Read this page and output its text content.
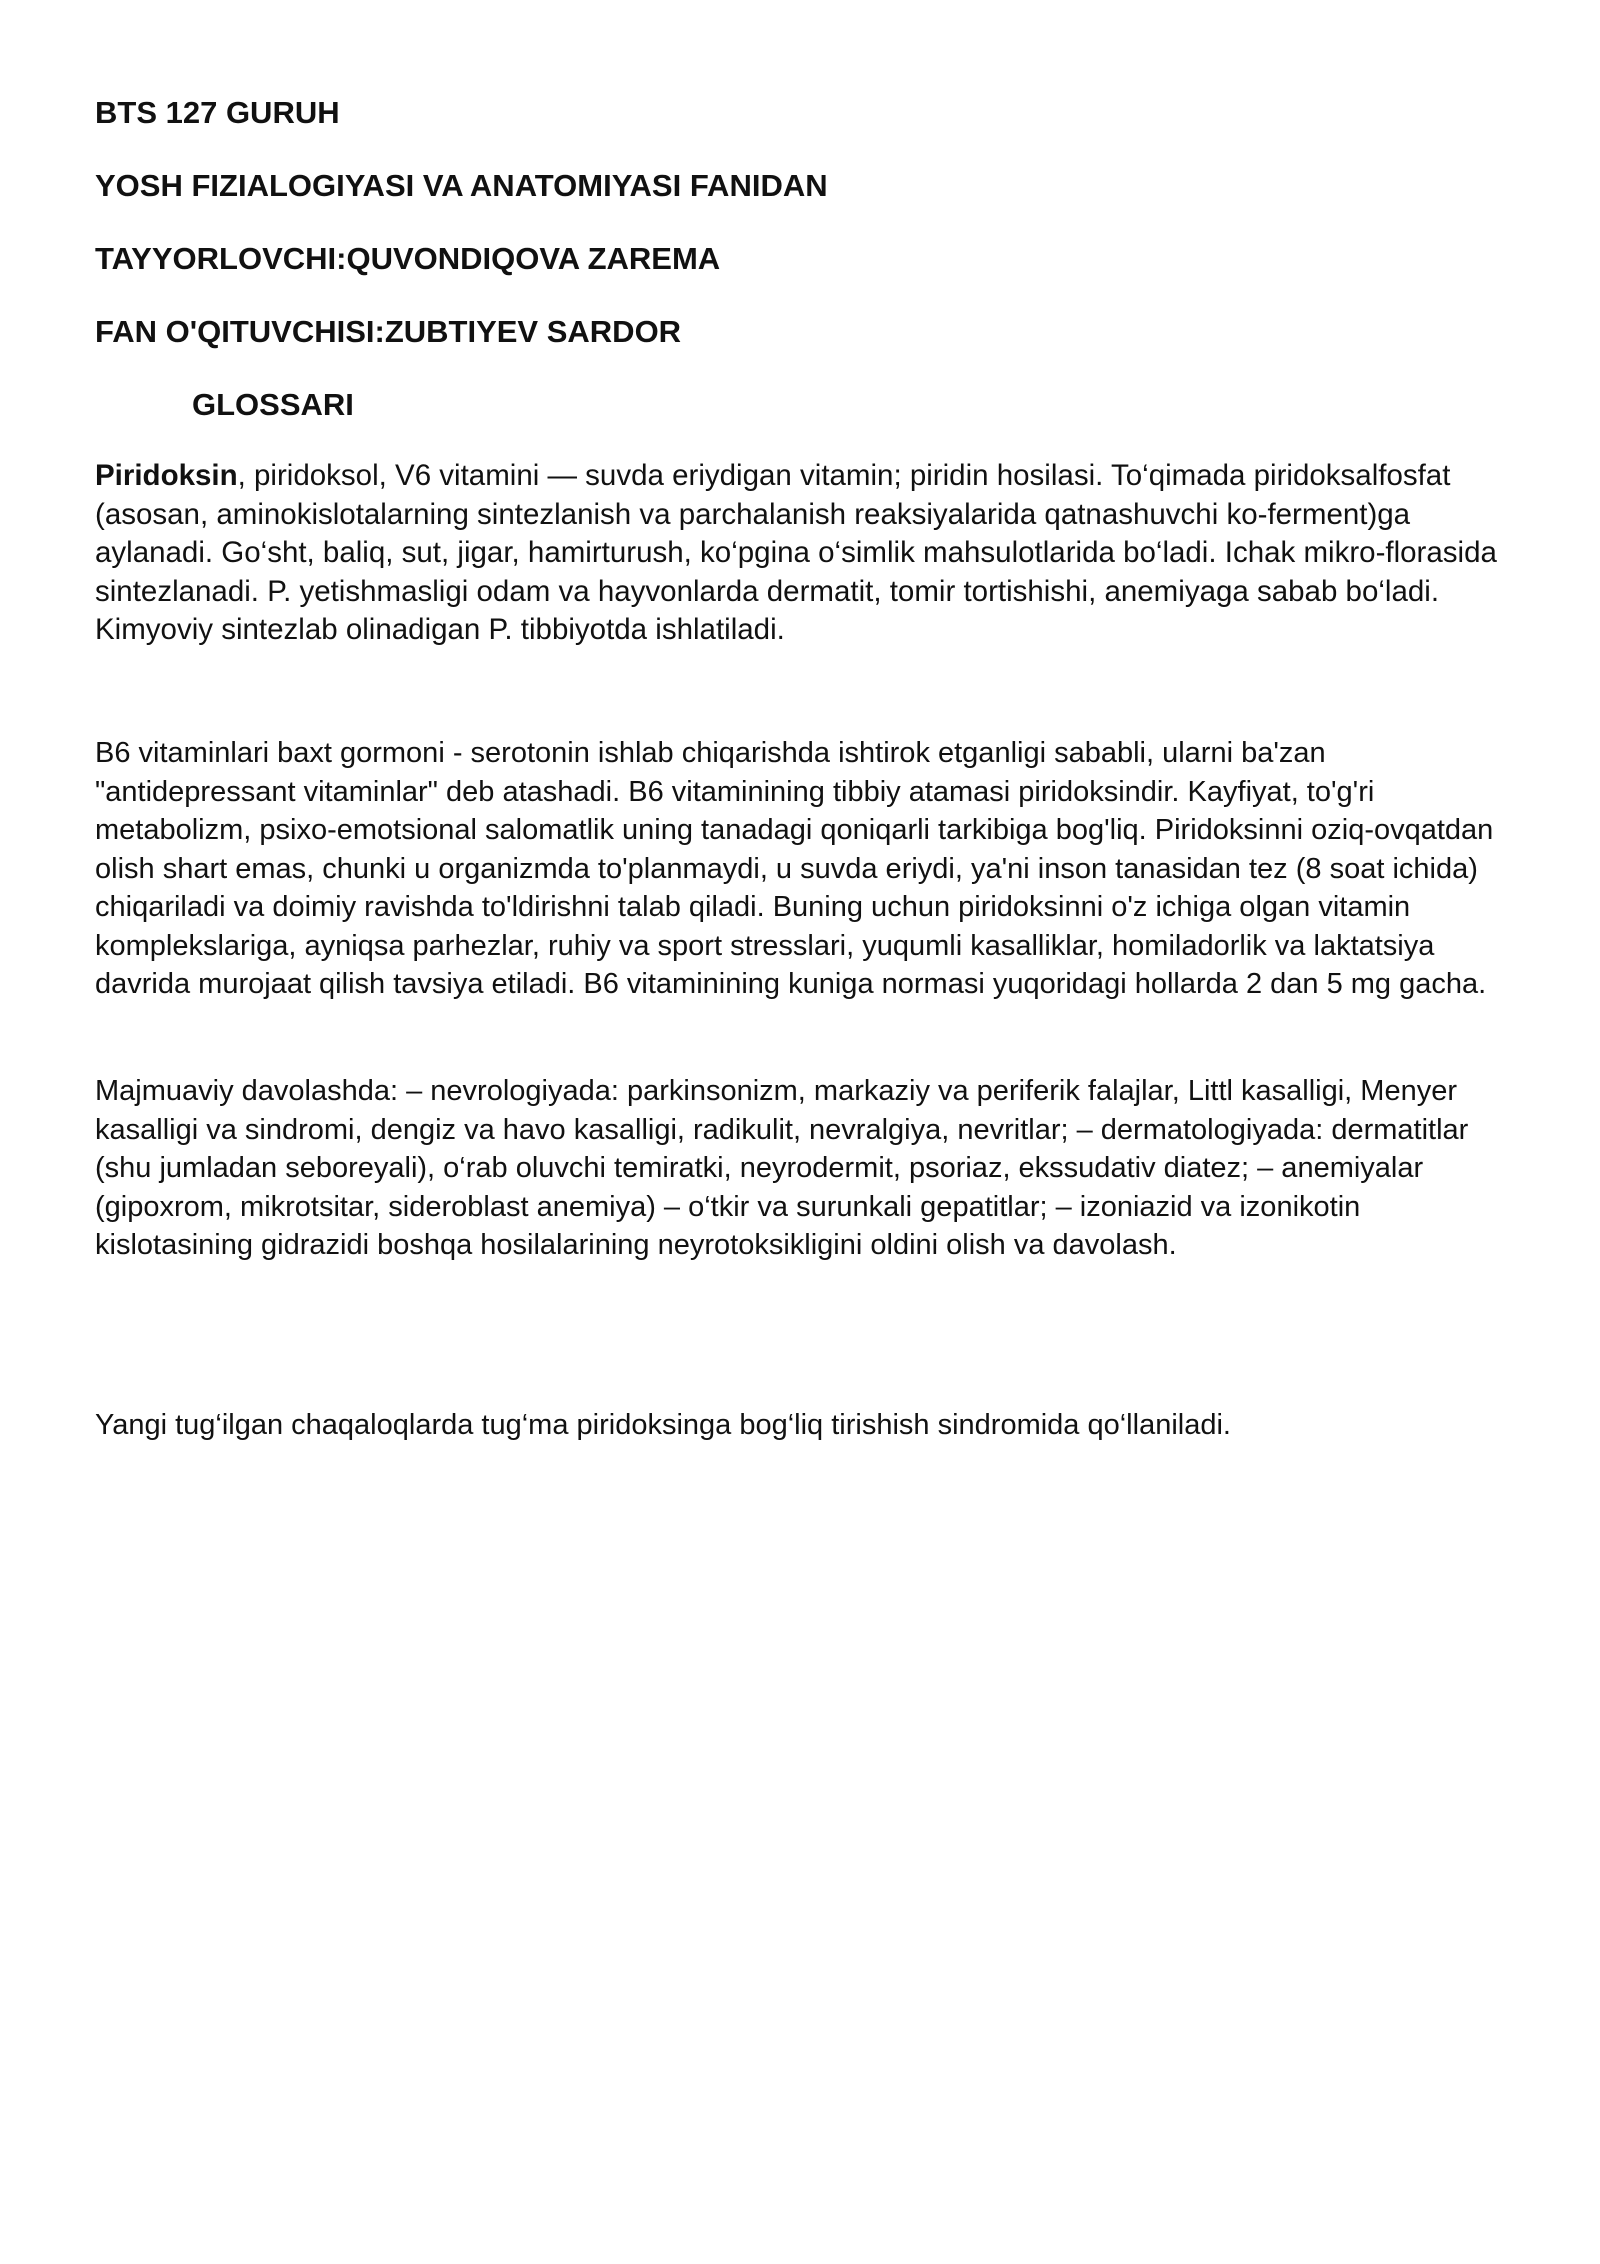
BTS 127 GURUH
YOSH FIZIALOGIYASI VA ANATOMIYASI FANIDAN
TAYYORLOVCHI:QUVONDIQOVA ZAREMA
FAN O'QITUVCHISI:ZUBTIYEV SARDOR
GLOSSARI

Piridoksin, piridoksol, V6 vitamini — suvda eriydigan vitamin; piridin hosilasi. To‘qimada piridoksalfosfat (asosan, aminokislotalarning sintezlanish va parchalanish reaksiyalarida qatnashuvchi ko-ferment)ga aylanadi. Go‘sht, baliq, sut, jigar, hamirturush, ko‘pgina o‘simlik mahsulotlarida bo‘ladi. Ichak mikro-florasida sintezlanadi. P. yetishmasligi odam va hayvonlarda dermatit, tomir tortishishi, anemiyaga sabab bo‘ladi. Kimyoviy sintezlab olinadigan P. tibbiyotda ishlatiladi.

B6 vitaminlari baxt gormoni - serotonin ishlab chiqarishda ishtirok etganligi sababli, ularni ba'zan "antidepressant vitaminlar" deb atashadi. B6 vitaminining tibbiy atamasi piridoksindir. Kayfiyat, to'g'ri metabolizm, psixo-emotsional salomatlik uning tanadagi qoniqarli tarkibiga bog'liq. Piridoksinni oziq-ovqatdan olish shart emas, chunki u organizmda to'planmaydi, u suvda eriydi, ya'ni inson tanasidan tez (8 soat ichida) chiqariladi va doimiy ravishda to'ldirishni talab qiladi. Buning uchun piridoksinni o'z ichiga olgan vitamin komplekslariga, ayniqsa parhezlar, ruhiy va sport stresslari, yuqumli kasalliklar, homiladorlik va laktatsiya davrida murojaat qilish tavsiya etiladi. B6 vitaminining kuniga normasi yuqoridagi hollarda 2 dan 5 mg gacha.

Majmuaviy davolashda: – nevrologiyada: parkinsonizm, markaziy va periferik falajlar, Littl kasalligi, Menyer kasalligi va sindromi, dengiz va havo kasalligi, radikulit, nevralgiya, nevritlar; – dermatologiyada: dermatitlar (shu jumladan seboreyali), o‘rab oluvchi temiratki, neyrodermit, psoriaz, ekssudativ diatez; – anemiyalar (gipoxrom, mikrotsitar, sideroblast anemiya) – o‘tkir va surunkali gepatitlar; – izoniazid va izonikotin kislotasining gidrazidi boshqa hosilalarining neyrotoksikligini oldini olish va davolash.

Yangi tug‘ilgan chaqaloqlarda tug‘ma piridoksinga bog‘liq tirishish sindromida qo‘llaniladi.
